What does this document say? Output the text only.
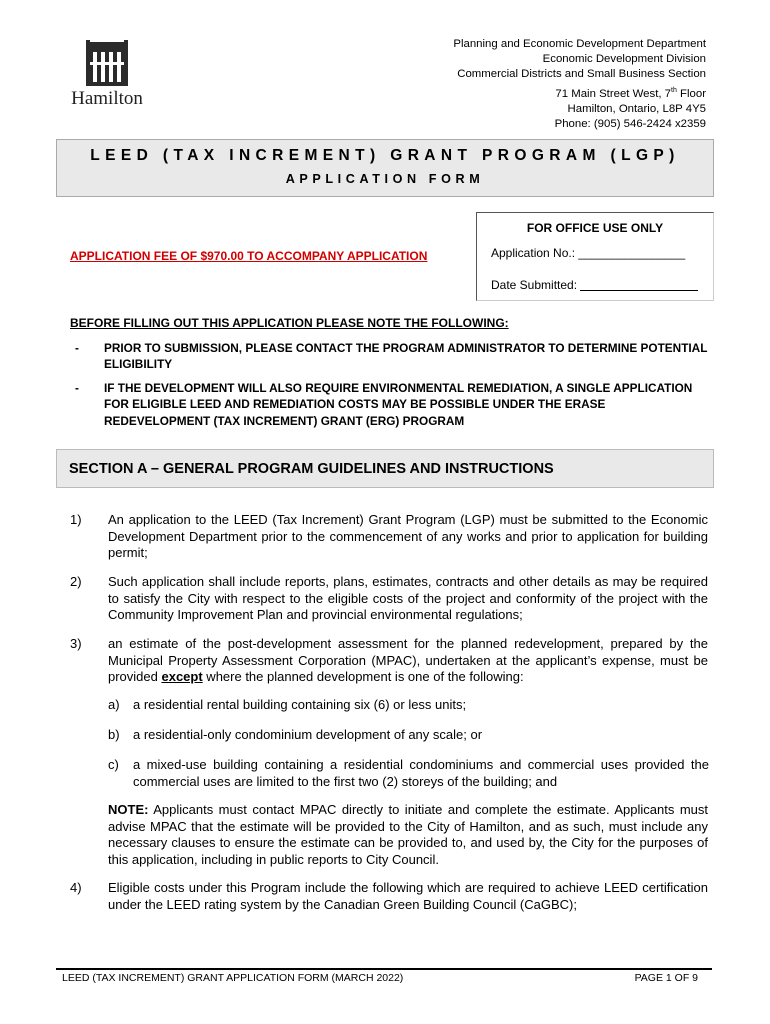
Hamilton
Planning and Economic Development Department
Economic Development Division
Commercial Districts and Small Business Section
71 Main Street West, 7th Floor
Hamilton, Ontario, L8P 4Y5
Phone: (905) 546-2424 x2359
LEED (TAX INCREMENT) GRANT PROGRAM (LGP)
APPLICATION FORM
APPLICATION FEE OF $970.00 TO ACCOMPANY APPLICATION
FOR OFFICE USE ONLY
Application No.: ________________
Date Submitted:
BEFORE FILLING OUT THIS APPLICATION PLEASE NOTE THE FOLLOWING:
- PRIOR TO SUBMISSION, PLEASE CONTACT THE PROGRAM ADMINISTRATOR TO DETERMINE POTENTIAL ELIGIBILITY
- IF THE DEVELOPMENT WILL ALSO REQUIRE ENVIRONMENTAL REMEDIATION, A SINGLE APPLICATION FOR ELIGIBLE LEED AND REMEDIATION COSTS MAY BE POSSIBLE UNDER THE ERASE REDEVELOPMENT (TAX INCREMENT) GRANT (ERG) PROGRAM
SECTION A – GENERAL PROGRAM GUIDELINES AND INSTRUCTIONS
1) An application to the LEED (Tax Increment) Grant Program (LGP) must be submitted to the Economic Development Department prior to the commencement of any works and prior to application for building permit;
2) Such application shall include reports, plans, estimates, contracts and other details as may be required to satisfy the City with respect to the eligible costs of the project and conformity of the project with the Community Improvement Plan and provincial environmental regulations;
3) an estimate of the post-development assessment for the planned redevelopment, prepared by the Municipal Property Assessment Corporation (MPAC), undertaken at the applicant’s expense, must be provided except where the planned development is one of the following:
a) a residential rental building containing six (6) or less units;
b) a residential-only condominium development of any scale; or
c) a mixed-use building containing a residential condominiums and commercial uses provided the commercial uses are limited to the first two (2) storeys of the building; and
NOTE: Applicants must contact MPAC directly to initiate and complete the estimate. Applicants must advise MPAC that the estimate will be provided to the City of Hamilton, and as such, must include any necessary clauses to ensure the estimate can be provided to, and used by, the City for the purposes of this application, including in public reports to City Council.
4) Eligible costs under this Program include the following which are required to achieve LEED certification under the LEED rating system by the Canadian Green Building Council (CaGBC);
LEED (TAX INCREMENT) GRANT APPLICATION FORM (MARCH 2022)	PAGE 1 OF 9
